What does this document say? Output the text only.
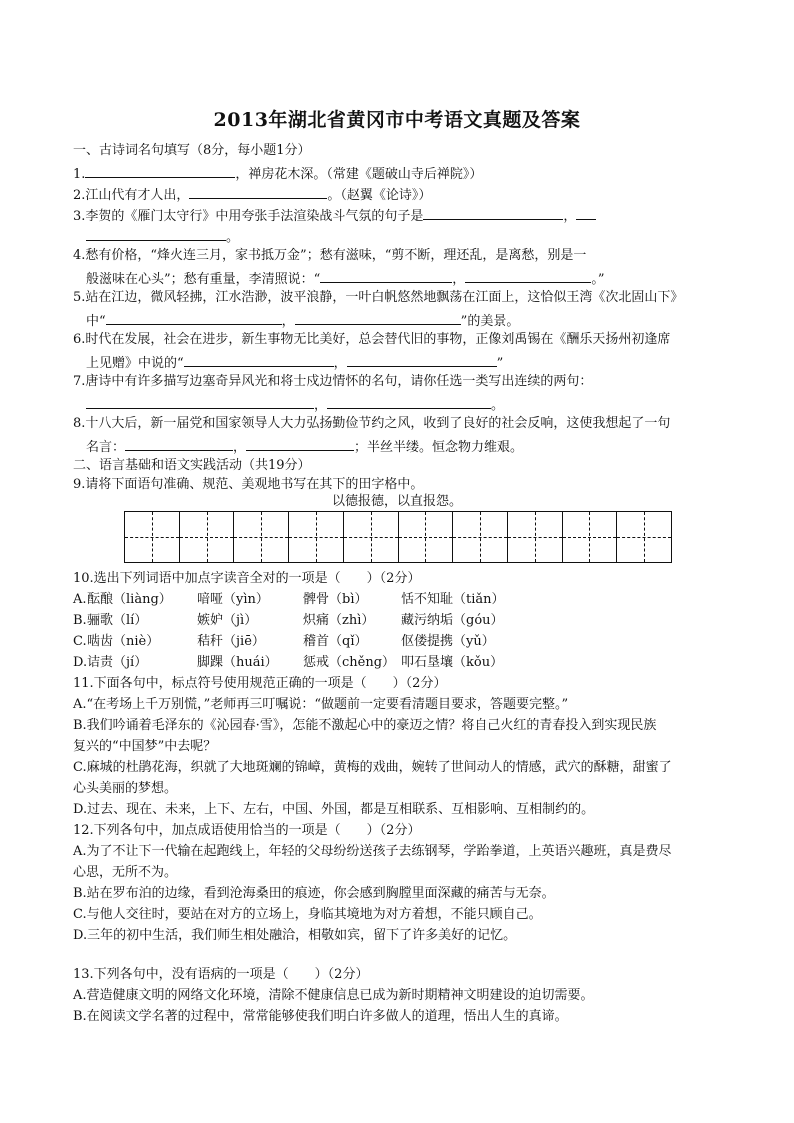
2013年湖北省黄冈市中考语文真题及答案
一、古诗词名句填写（8分，每小题1分）
1.	，禅房花木深。（常建《题破山寺后禅院》）
2.江山代有才人出，	。（赵翼《论诗》）
3.李贺的《雁门太守行》中用夸张手法渲染战斗气氛的句子是	，
。
4.愁有价格，“烽火连三月，家书抵万金”；愁有滋味，“剪不断，理还乱，是离愁，别是一
般滋味在心头”；愁有重量，李清照说：“	，	。”
5.站在江边，微风轻拂，江水浩渺，波平浪静，一叶白帆悠然地飘荡在江面上，这恰似王湾《次北固山下》
中“	，	”的美景。
6.时代在发展，社会在进步，新生事物无比美好，总会替代旧的事物，正像刘禹锡在《酬乐天扬州初逢席
上见赠》中说的“	，	”
7.唐诗中有许多描写边塞奇异风光和将士戍边情怀的名句，请你任选一类写出连续的两句：
，	。
8.十八大后，新一届党和国家领导人大力弘扬勤俭节约之风，收到了良好的社会反响，这使我想起了一句
名言：	，	；半丝半缕。恒念物力维艰。
二、语言基础和语文实践活动（共19分）
9.请将下面语句准确、规范、美观地书写在其下的田字格中。
以德报德，以直报怨。
10.选出下列词语中加点字读音全对的一项是（　　）（2分）
A. 酝酿（liàng） 喑哑（yìn）	髀骨（bì）	恬不知耻（tiǎn）
B. 骊歌（lí）	嫉妒（jì）	炽痛（zhì） 藏污纳垢（góu）
C. 啮齿（niè）	秸秆（jiē）	稽首（qǐ）	伛偻提携（yǔ）
D. 诘责（jí）	脚踝（huái） 惩戒（chěng） 叩石垦壤（kǒu）
11.下面各句中，标点符号使用规范正确的一项是（　　）（2分）
A.“在考场上千万别慌，”老师再三叮嘱说：“做题前一定要看清题目要求，答题要完整。”
B.我们吟诵着毛泽东的《沁园春·雪》，怎能不激起心中的豪迈之情？将自己火红的青春投入到实现民族
复兴的“中国梦”中去呢？
C.麻城的杜鹃花海，织就了大地斑斓的锦嶂，黄梅的戏曲，婉转了世间动人的情感，武穴的酥糖，甜蜜了
心头美丽的梦想。
D.过去、现在、未来，上下、左右，中国、外国，都是互相联系、互相影响、互相制约的。
12.下列各句中，加点成语使用恰当的一项是（　　）（2分）
A.为了不让下一代输在起跑线上，年轻的父母纷纷送孩子去练钢琴，学跆拳道，上英语兴趣班，真是费尽
心思，无所不为。
B.站在罗布泊的边缘，看到沧海桑田的痕迹，你会感到胸膛里面深藏的痛苦与无奈。
C.与他人交往时，要站在对方的立场上，身临其境地为对方着想，不能只顾自己。
D.三年的初中生活，我们师生相处融洽，相敬如宾，留下了许多美好的记忆。
13.下列各句中，没有语病的一项是（　　）（2分）
A.营造健康文明的网络文化环境，清除不健康信息已成为新时期精神文明建设的迫切需要。
B.在阅读文学名著的过程中，常常能够使我们明白许多做人的道理，悟出人生的真谛。
